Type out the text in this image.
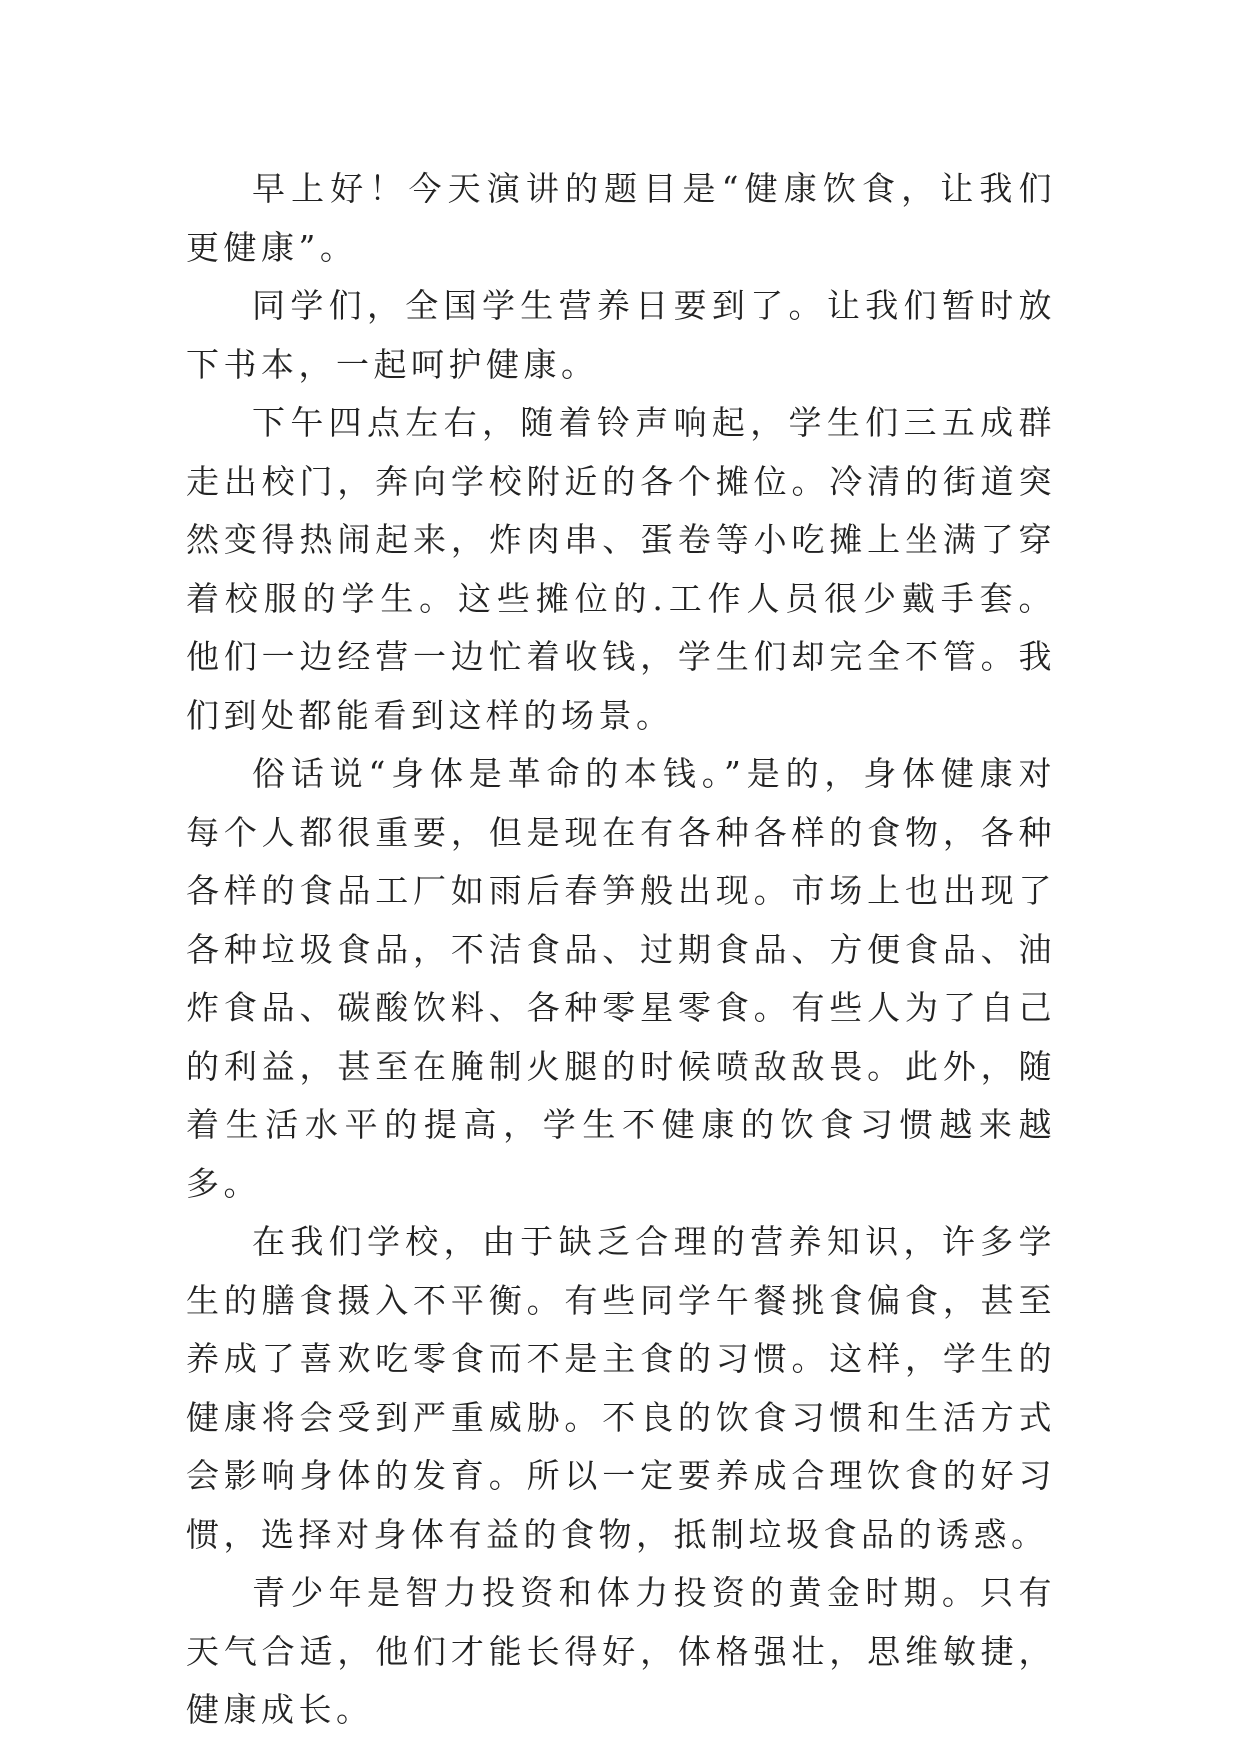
早上好！今天演讲的题目是“健康饮食，让我们更健康”。

同学们，全国学生营养日要到了。让我们暂时放下书本，一起呵护健康。

下午四点左右，随着铃声响起，学生们三五成群走出校门，奔向学校附近的各个摊位。冷清的街道突然变得热闹起来，炸肉串、蛋卷等小吃摊上坐满了穿着校服的学生。这些摊位的.工作人员很少戴手套。他们一边经营一边忙着收钱，学生们却完全不管。我们到处都能看到这样的场景。

俗话说“身体是革命的本钱。”是的，身体健康对每个人都很重要，但是现在有各种各样的食物，各种各样的食品工厂如雨后春笋般出现。市场上也出现了各种垃圾食品，不洁食品、过期食品、方便食品、油炸食品、碳酸饮料、各种零星零食。有些人为了自己的利益，甚至在腌制火腿的时候喷敌敌畏。此外，随着生活水平的提高，学生不健康的饮食习惯越来越多。

在我们学校，由于缺乏合理的营养知识，许多学生的膳食摄入不平衡。有些同学午餐挑食偏食，甚至养成了喜欢吃零食而不是主食的习惯。这样，学生的健康将会受到严重威胁。不良的饮食习惯和生活方式会影响身体的发育。所以一定要养成合理饮食的好习惯，选择对身体有益的食物，抵制垃圾食品的诱惑。

青少年是智力投资和体力投资的黄金时期。只有天气合适，他们才能长得好，体格强壮，思维敏捷，健康成长。
